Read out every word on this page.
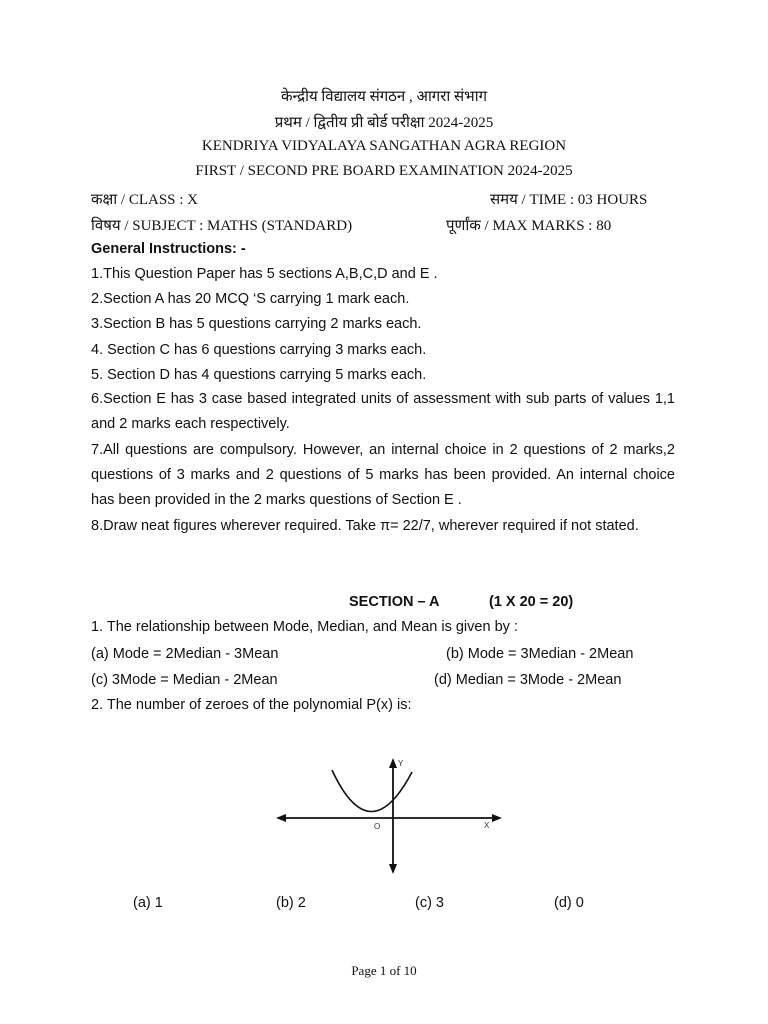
केन्द्रीय विद्यालय संगठन , आगरा संभाग
प्रथम / द्वितीय प्री बोर्ड परीक्षा 2024-2025
KENDRIYA VIDYALAYA SANGATHAN AGRA REGION
FIRST / SECOND PRE BOARD EXAMINATION 2024-2025
कक्षा / CLASS : X	समय / TIME : 03 HOURS
विषय / SUBJECT : MATHS (STANDARD)	पूर्णांक / MAX MARKS : 80
General Instructions: -
1.This Question Paper has 5 sections A,B,C,D and E .
2.Section A has 20 MCQ ‘S carrying 1 mark each.
3.Section B has 5 questions carrying 2 marks each.
4. Section C has 6 questions carrying 3 marks each.
5. Section D has 4 questions carrying 5 marks each.
6.Section E has 3 case based integrated units of assessment with sub parts of values 1,1 and 2 marks each respectively.
7.All questions are compulsory. However, an internal choice in 2 questions of 2 marks,2 questions of 3 marks and 2 questions of 5 marks has been provided. An internal choice has been provided in the 2 marks questions of Section E .
8.Draw neat figures wherever required. Take π= 22/7, wherever required if not stated.
SECTION – A	(1 X 20 = 20)
1. The relationship between Mode, Median, and Mean is given by :
(a) Mode = 2Median - 3Mean	(b) Mode = 3Median - 2Mean
(c) 3Mode = Median - 2Mean	(d) Median = 3Mode - 2Mean
2. The number of zeroes of the polynomial P(x) is:
Y
X
O
(a) 1	(b) 2	(c) 3	(d) 0
Page 1 of 10
